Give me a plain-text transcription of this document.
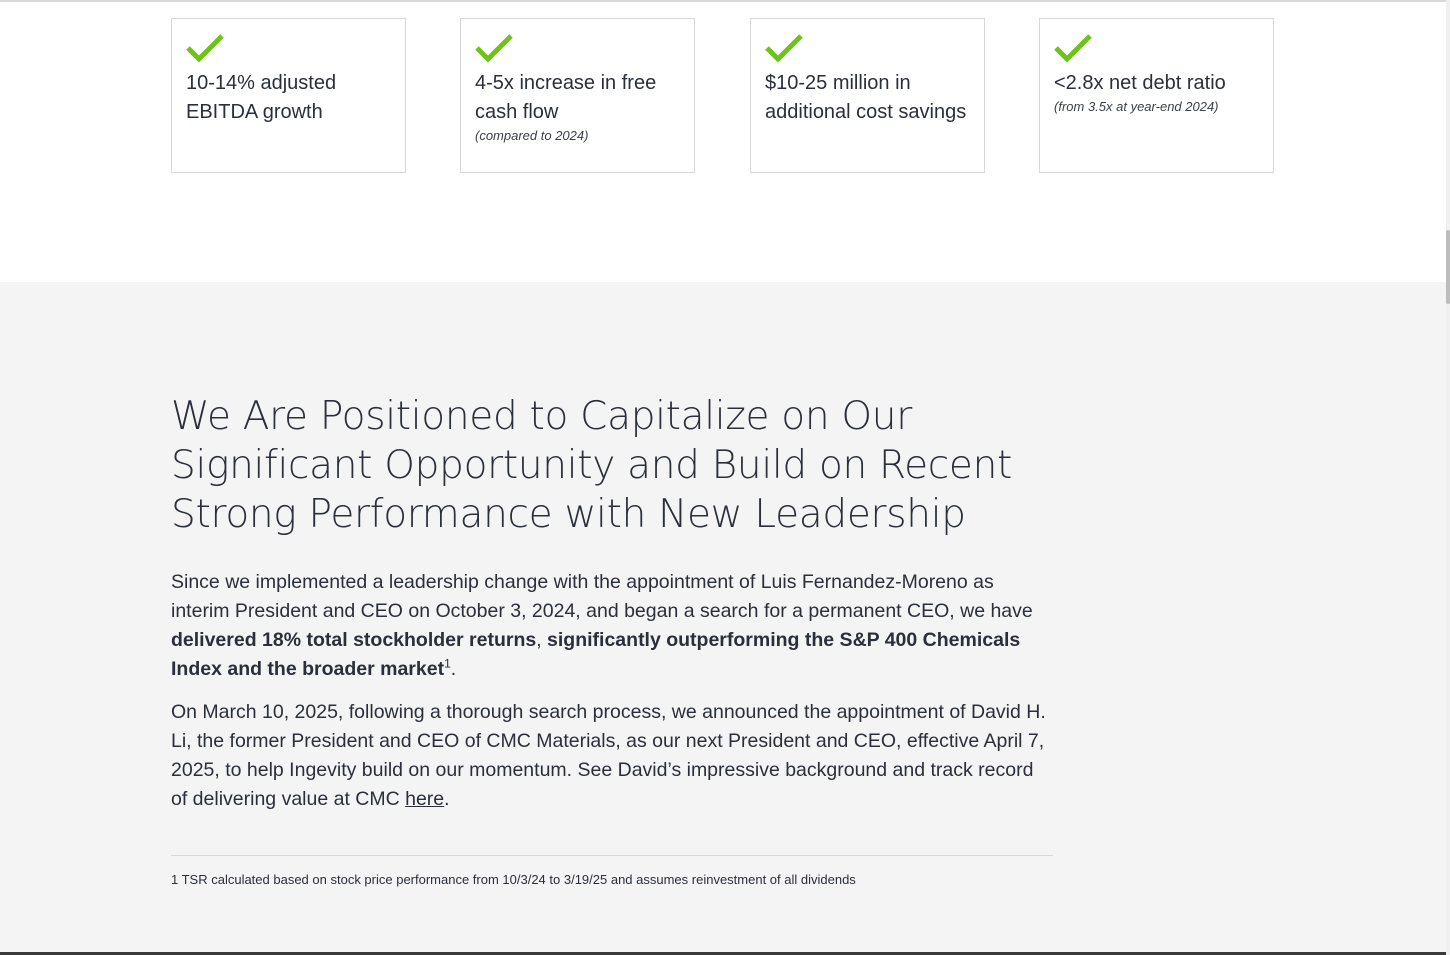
10-14% adjusted EBITDA growth
4-5x increase in free cash flow
(compared to 2024)
$10-25 million in additional cost savings
<2.8x net debt ratio
(from 3.5x at year-end 2024)
We Are Positioned to Capitalize on Our Significant Opportunity and Build on Recent Strong Performance with New Leadership

Since we implemented a leadership change with the appointment of Luis Fernandez-Moreno as interim President and CEO on October 3, 2024, and began a search for a permanent CEO, we have delivered 18% total stockholder returns, significantly outperforming the S&P 400 Chemicals Index and the broader market$^1$.

On March 10, 2025, following a thorough search process, we announced the appointment of David H. Li, the former President and CEO of CMC Materials, as our next President and CEO, effective April 7, 2025, to help Ingevity build on our momentum. See David’s impressive background and track record of delivering value at CMC here.

1 TSR calculated based on stock price performance from 10/3/24 to 3/19/25 and assumes reinvestment of all dividends
